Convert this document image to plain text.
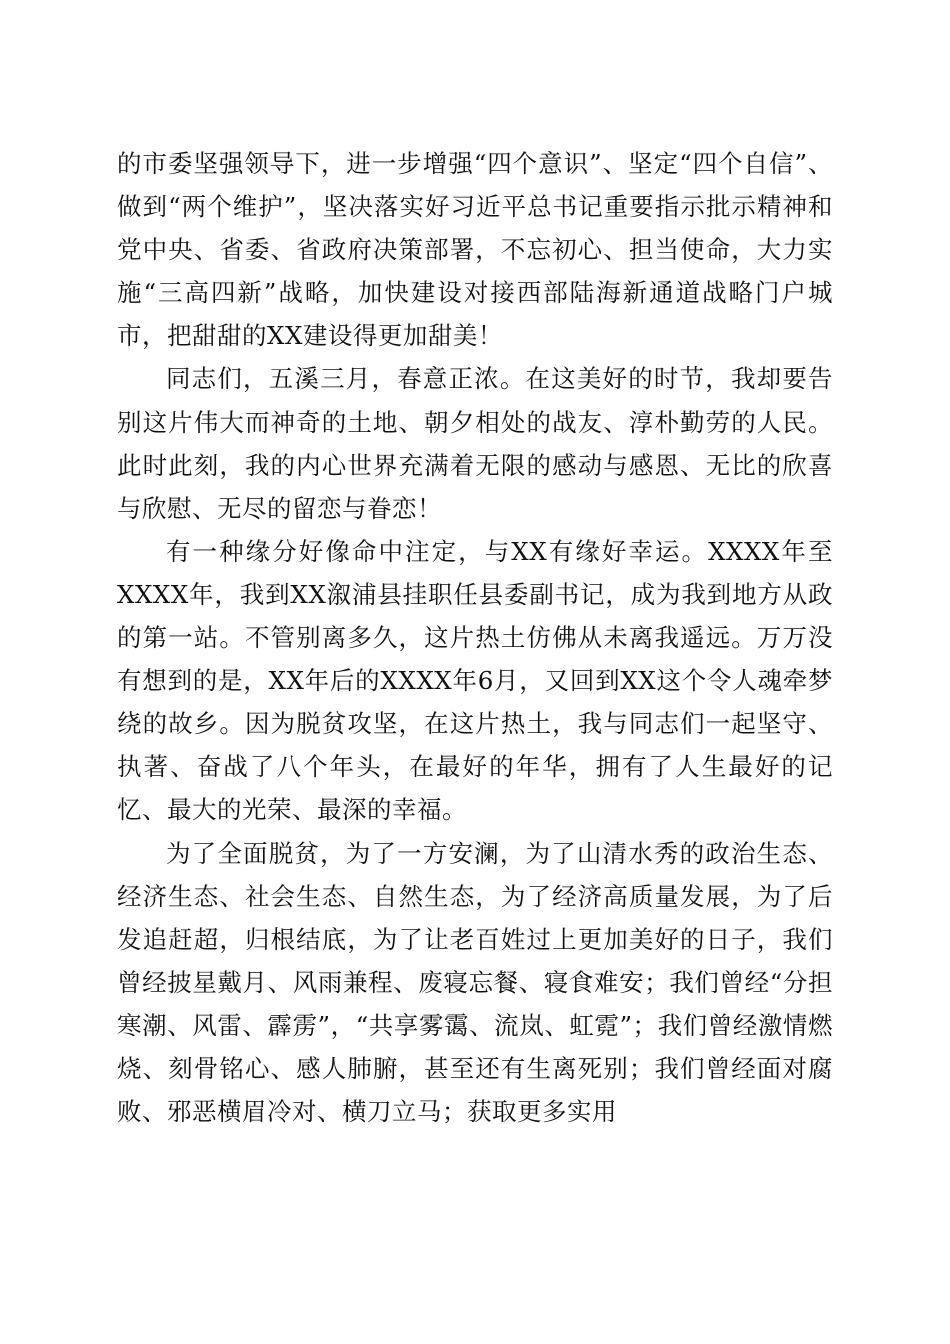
的市委坚强领导下，进一步增强“四个意识”、坚定“四个自信”、做到“两个维护”，坚决落实好习近平总书记重要指示批示精神和党中央、省委、省政府决策部署，不忘初心、担当使命，大力实施“三高四新”战略，加快建设对接西部陆海新通道战略门户城市，把甜甜的XX建设得更加甜美！

同志们，五溪三月，春意正浓。在这美好的时节，我却要告别这片伟大而神奇的土地、朝夕相处的战友、淳朴勤劳的人民。此时此刻，我的内心世界充满着无限的感动与感恩、无比的欣喜与欣慰、无尽的留恋与眷恋！

有一种缘分好像命中注定，与XX有缘好幸运。XXXX年至XXXX年，我到XX溆浦县挂职任县委副书记，成为我到地方从政的第一站。不管别离多久，这片热土仿佛从未离我遥远。万万没有想到的是，XX年后的XXXX年6月，又回到XX这个令人魂牵梦绕的故乡。因为脱贫攻坚，在这片热土，我与同志们一起坚守、执著、奋战了八个年头，在最好的年华，拥有了人生最好的记忆、最大的光荣、最深的幸福。

为了全面脱贫，为了一方安澜，为了山清水秀的政治生态、经济生态、社会生态、自然生态，为了经济高质量发展，为了后发追赶超，归根结底，为了让老百姓过上更加美好的日子，我们曾经披星戴月、风雨兼程、废寝忘餐、寝食难安；我们曾经“分担寒潮、风雷、霹雳”，“共享雾霭、流岚、虹霓”；我们曾经激情燃烧、刻骨铭心、感人肺腑，甚至还有生离死别；我们曾经面对腐败、邪恶横眉冷对、横刀立马；获取更多实用
